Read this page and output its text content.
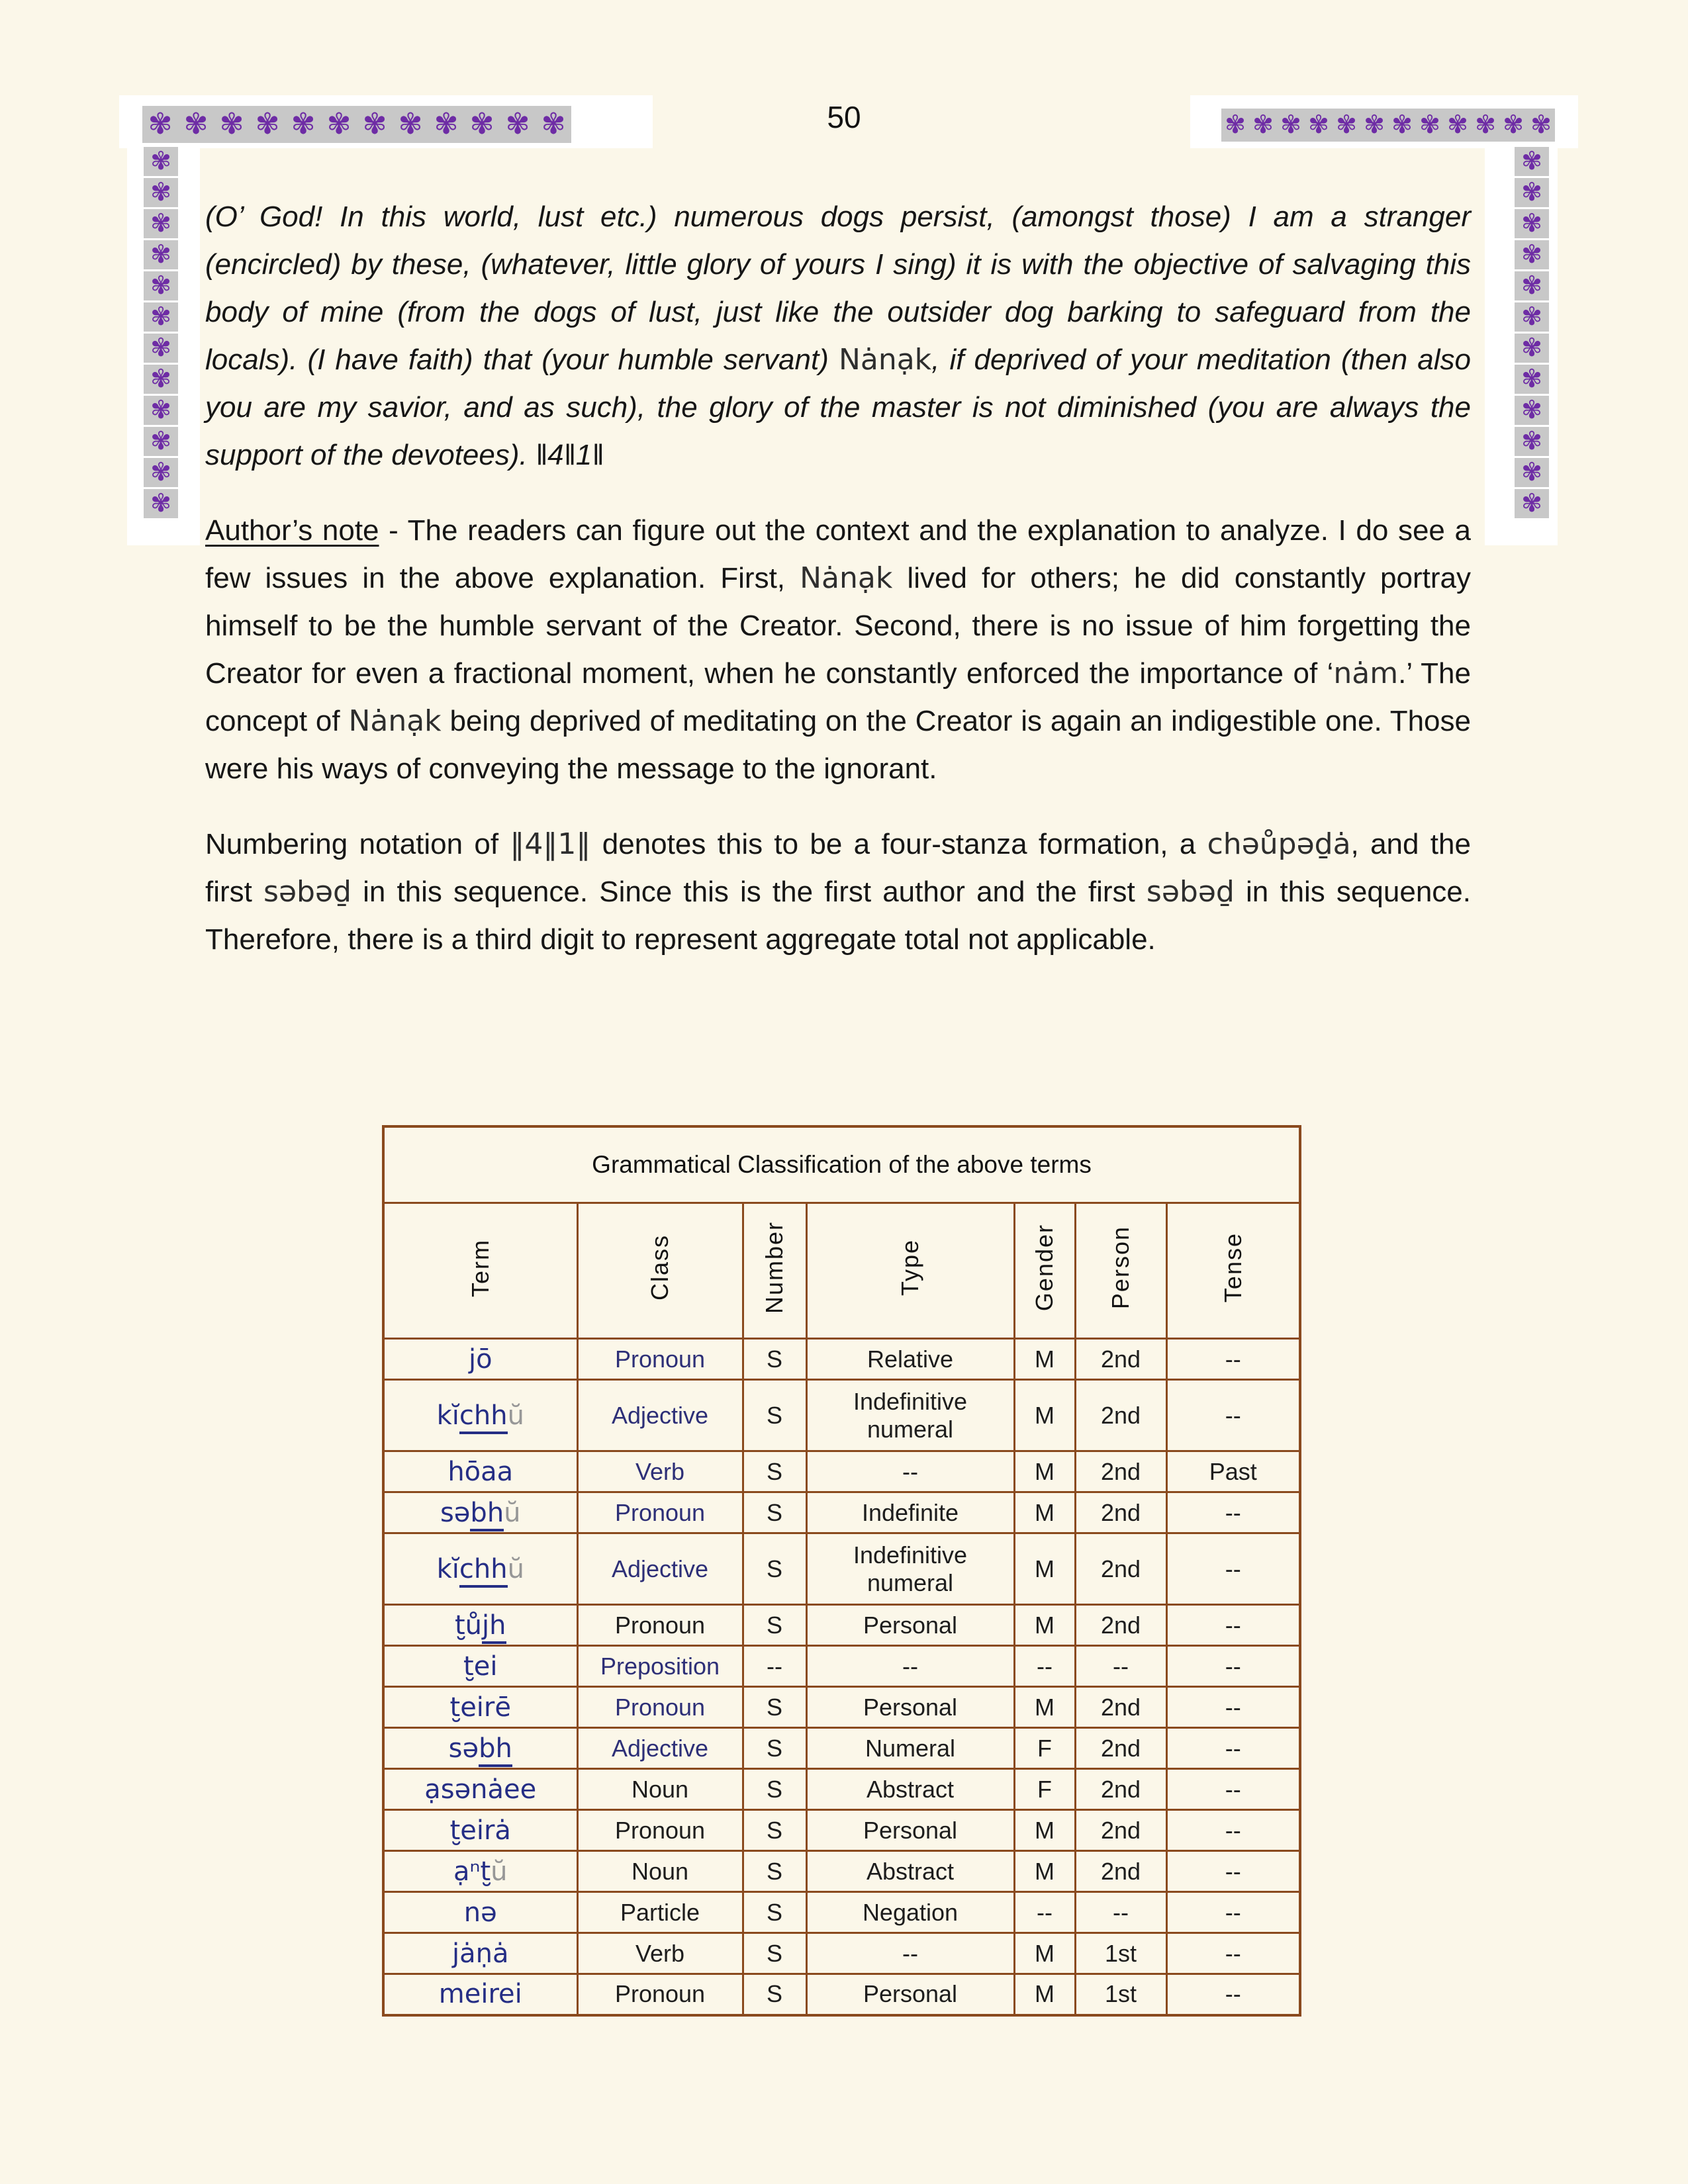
✾ ✾ ✾ ✾ ✾ ✾ ✾ ✾ ✾ ✾ ✾ ✾	✾ ✾ ✾ ✾ ✾ ✾ ✾ ✾ ✾ ✾ ✾ ✾
✾
✾
✾
✾
✾
✾
✾
✾
✾
✾
✾
✾
✾
✾
✾
✾
✾
✾
✾
✾
✾
✾
✾
✾
50

(O’ God! In this world, lust etc.) numerous dogs persist, (amongst those) I am a stranger (encircled) by these, (whatever, little glory of yours I sing) it is with the objective of salvaging this body of mine (from the dogs of lust, just like the outsider dog barking to safeguard from the locals). (I have faith) that (your humble servant) Nȧnạk, if deprived of your meditation (then also you are my savior, and as such), the glory of the master is not diminished (you are always the support of the devotees). ‖4‖1‖

Author’s note - The readers can figure out the context and the explanation to analyze. I do see a few issues in the above explanation. First, Nȧnạk lived for others; he did constantly portray himself to be the humble servant of the Creator. Second, there is no issue of him forgetting the Creator for even a fractional moment, when he constantly enforced the importance of ‘nȧm.’ The concept of Nȧnạk being deprived of meditating on the Creator is again an indigestible one. Those were his ways of conveying the message to the ignorant.

Numbering notation of ‖4‖1‖ denotes this to be a four-stanza formation, a chəůpəḏȧ, and the first səbəḏ in this sequence. Since this is the first author and the first səbəḏ in this sequence. Therefore, there is a third digit to represent aggregate total not applicable.

Grammatical Classification of the above terms						
Term	Class	Number	Type	Gender	Person	Tense
jō	Pronoun	S	Relative	M	2nd	--
kĭchhŭ	Adjective	S	Indefinitive numeral	M	2nd	--
hōaa	Verb	S	--	M	2nd	Past
səbhŭ	Pronoun	S	Indefinite	M	2nd	--
kĭchhŭ	Adjective	S	Indefinitive numeral	M	2nd	--
t̮ůjh	Pronoun	S	Personal	M	2nd	--
t̮ei	Preposition	--	--	--	--	--
t̮eirē	Pronoun	S	Personal	M	2nd	--
səbh	Adjective	S	Numeral	F	2nd	--
ạsənȧee	Noun	S	Abstract	F	2nd	--
t̮eirȧ	Pronoun	S	Personal	M	2nd	--
ạⁿt̮ŭ	Noun	S	Abstract	M	2nd	--
nə	Particle	S	Negation	--	--	--
jȧṇȧ	Verb	S	--	M	1st	--
meirei	Pronoun	S	Personal	M	1st	--
